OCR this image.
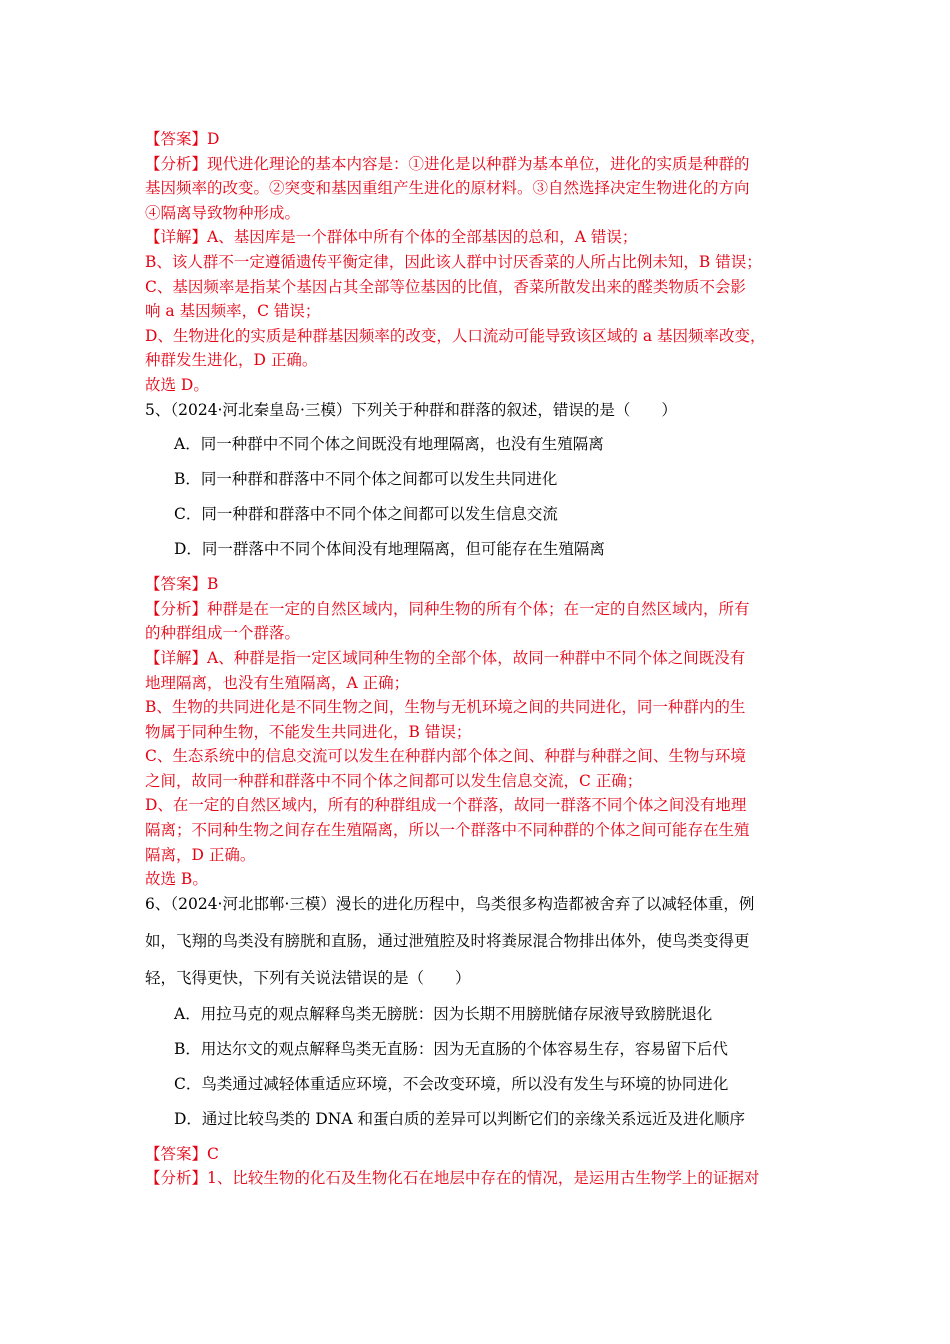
【答案】D
【分析】现代进化理论的基本内容是：①进化是以种群为基本单位，进化的实质是种群的
基因频率的改变。②突变和基因重组产生进化的原材料。③自然选择决定生物进化的方向
④隔离导致物种形成。
【详解】A、基因库是一个群体中所有个体的全部基因的总和，A 错误；
B、该人群不一定遵循遗传平衡定律，因此该人群中讨厌香菜的人所占比例未知，B 错误；
C、基因频率是指某个基因占其全部等位基因的比值，香菜所散发出来的醛类物质不会影
响 a 基因频率，C 错误；
D、生物进化的实质是种群基因频率的改变，人口流动可能导致该区域的 a 基因频率改变，
种群发生进化，D 正确。
故选 D。
5、（2024·河北秦皇岛·三模）下列关于种群和群落的叙述，错误的是（　　）
A．同一种群中不同个体之间既没有地理隔离，也没有生殖隔离
B．同一种群和群落中不同个体之间都可以发生共同进化
C．同一种群和群落中不同个体之间都可以发生信息交流
D．同一群落中不同个体间没有地理隔离，但可能存在生殖隔离
【答案】B
【分析】种群是在一定的自然区域内，同种生物的所有个体；在一定的自然区域内，所有
的种群组成一个群落。
【详解】A、种群是指一定区域同种生物的全部个体，故同一种群中不同个体之间既没有
地理隔离，也没有生殖隔离，A 正确；
B、生物的共同进化是不同生物之间，生物与无机环境之间的共同进化，同一种群内的生
物属于同种生物，不能发生共同进化，B 错误；
C、生态系统中的信息交流可以发生在种群内部个体之间、种群与种群之间、生物与环境
之间，故同一种群和群落中不同个体之间都可以发生信息交流，C 正确；
D、在一定的自然区域内，所有的种群组成一个群落，故同一群落不同个体之间没有地理
隔离；不同种生物之间存在生殖隔离，所以一个群落中不同种群的个体之间可能存在生殖
隔离，D 正确。
故选 B。
6、（2024·河北邯郸·三模）漫长的进化历程中，鸟类很多构造都被舍弃了以减轻体重，例
如，飞翔的鸟类没有膀胱和直肠，通过泄殖腔及时将粪尿混合物排出体外，使鸟类变得更
轻，飞得更快，下列有关说法错误的是（　　）
A．用拉马克的观点解释鸟类无膀胱：因为长期不用膀胱储存尿液导致膀胱退化
B．用达尔文的观点解释鸟类无直肠：因为无直肠的个体容易生存，容易留下后代
C．鸟类通过减轻体重适应环境，不会改变环境，所以没有发生与环境的协同进化
D．通过比较鸟类的 DNA 和蛋白质的差异可以判断它们的亲缘关系远近及进化顺序
【答案】C
【分析】1、比较生物的化石及生物化石在地层中存在的情况，是运用古生物学上的证据对
